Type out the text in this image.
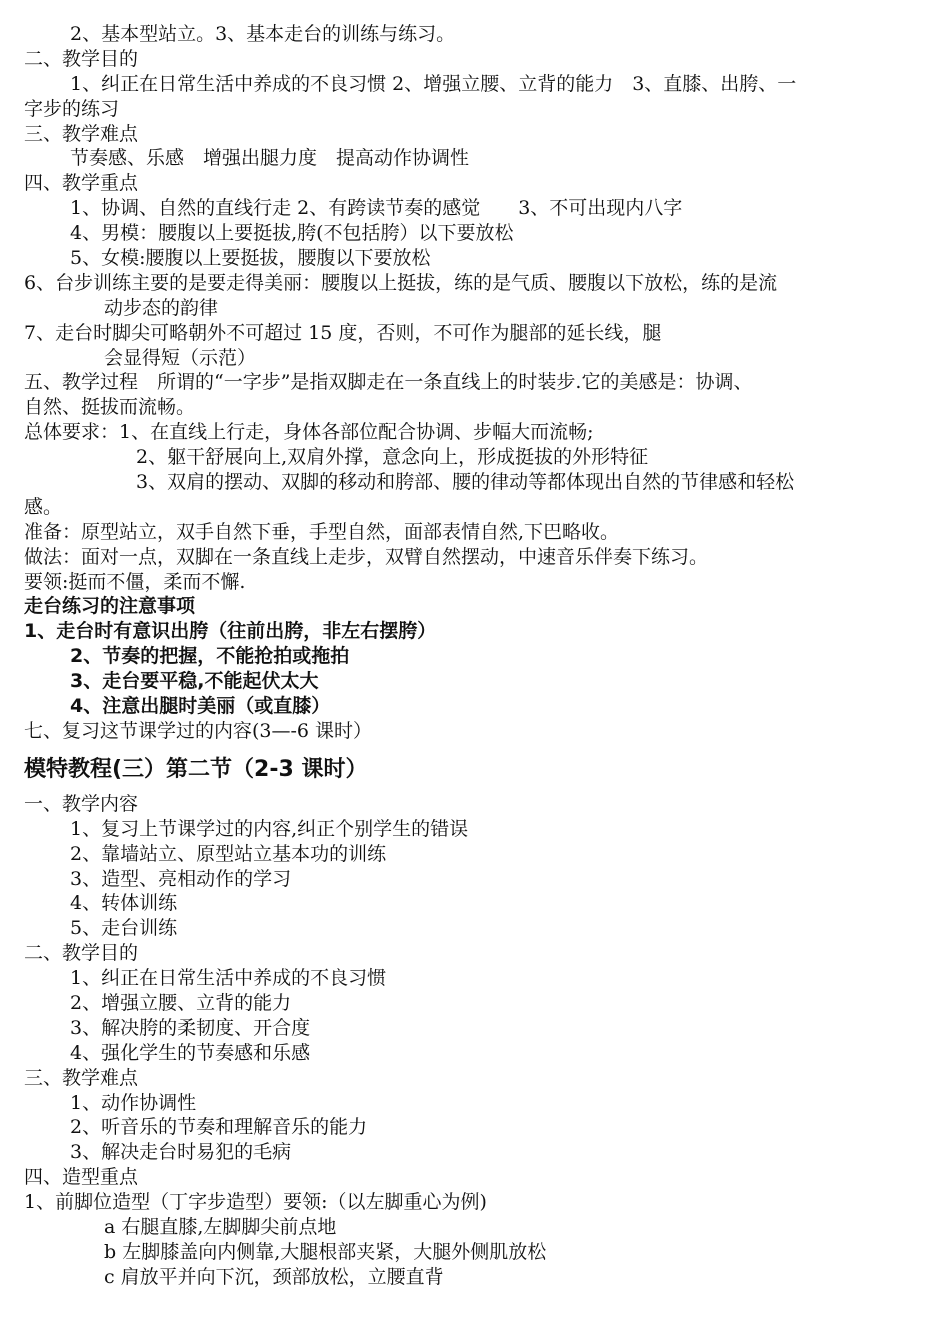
2、基本型站立。3、基本走台的训练与练习。
二、教学目的
1、纠正在日常生活中养成的不良习惯 2、增强立腰、立背的能力　3、直膝、出胯、一
字步的练习
三、教学难点
节奏感、乐感　增强出腿力度　提高动作协调性
四、教学重点
1、协调、自然的直线行走 2、有跨读节奏的感觉　　3、不可出现内八字
4、男模：腰腹以上要挺拔,胯(不包括胯）以下要放松
5、女模:腰腹以上要挺拔，腰腹以下要放松
6、台步训练主要的是要走得美丽：腰腹以上挺拔，练的是气质、腰腹以下放松，练的是流
动步态的韵律
7、走台时脚尖可略朝外不可超过 15 度，否则，不可作为腿部的延长线，腿
会显得短（示范）
五、教学过程　所谓的“一字步”是指双脚走在一条直线上的时装步.它的美感是：协调、
自然、挺拔而流畅。
总体要求：1、在直线上行走，身体各部位配合协调、步幅大而流畅;
2、躯干舒展向上,双肩外撑，意念向上，形成挺拔的外形特征
3、双肩的摆动、双脚的移动和胯部、腰的律动等都体现出自然的节律感和轻松
感。
准备：原型站立，双手自然下垂，手型自然，面部表情自然,下巴略收。
做法：面对一点，双脚在一条直线上走步，双臂自然摆动，中速音乐伴奏下练习。
要领:挺而不僵，柔而不懈.
走台练习的注意事项
1、走台时有意识出胯（往前出胯，非左右摆胯）
2、节奏的把握，不能抢拍或拖拍
3、走台要平稳,不能起伏太大
4、注意出腿时美丽（或直膝）
七、复习这节课学过的内容(3—-6 课时）
模特教程(三）第二节（2-3 课时）
一、教学内容
1、复习上节课学过的内容,纠正个别学生的错误
2、靠墙站立、原型站立基本功的训练
3、造型、亮相动作的学习
4、转体训练
5、走台训练
二、教学目的
1、纠正在日常生活中养成的不良习惯
2、增强立腰、立背的能力
3、解决胯的柔韧度、开合度
4、强化学生的节奏感和乐感
三、教学难点
1、动作协调性
2、听音乐的节奏和理解音乐的能力
3、解决走台时易犯的毛病
四、造型重点
1、前脚位造型（丁字步造型）要领:（以左脚重心为例)
a 右腿直膝,左脚脚尖前点地
b 左脚膝盖向内侧靠,大腿根部夹紧，大腿外侧肌放松
c 肩放平并向下沉，颈部放松，立腰直背
